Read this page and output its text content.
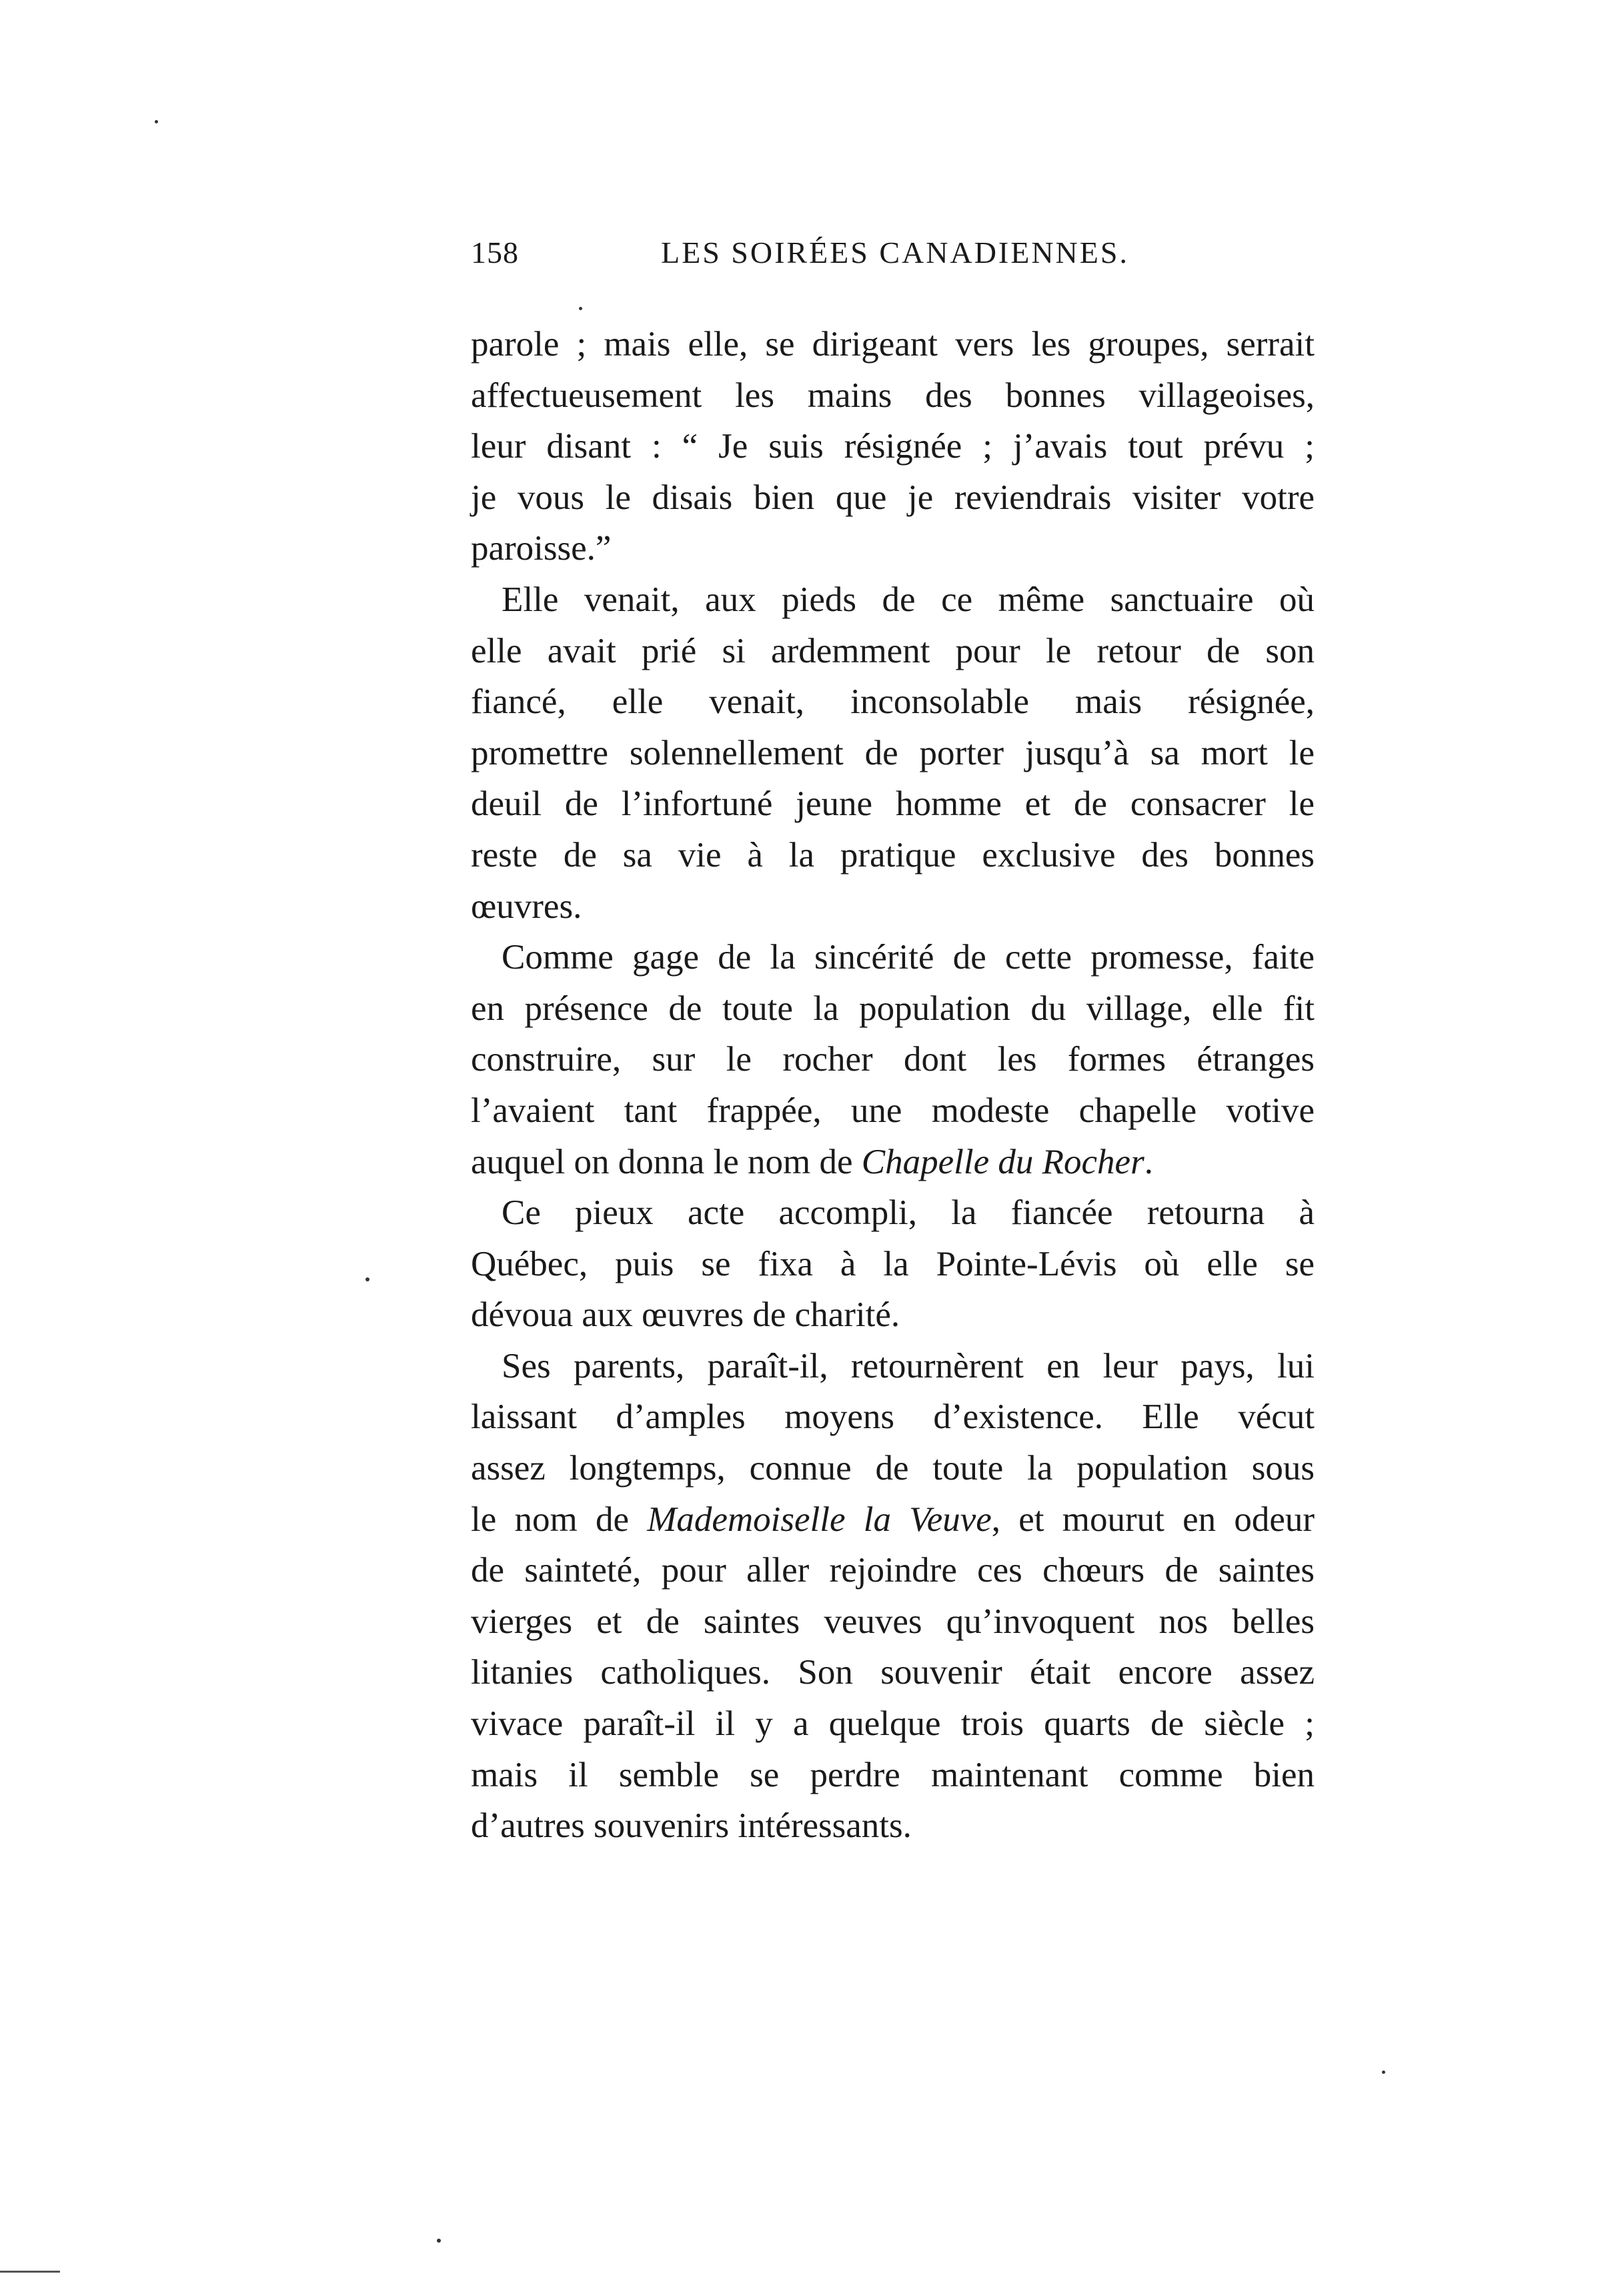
158	LES SOIRÉES CANADIENNES.
parole ; mais elle, se dirigeant vers les groupes, serrait
affectueusement les mains des bonnes villageoises,
leur disant : “ Je suis résignée ; j’avais tout prévu ;
je vous le disais bien que je reviendrais visiter votre
paroisse.”
Elle venait, aux pieds de ce même sanctuaire où
elle avait prié si ardemment pour le retour de son
fiancé, elle venait, inconsolable mais résignée,
promettre solennellement de porter jusqu’à sa mort le
deuil de l’infortuné jeune homme et de consacrer le
reste de sa vie à la pratique exclusive des bonnes
œuvres.
Comme gage de la sincérité de cette promesse, faite
en présence de toute la population du village, elle fit
construire, sur le rocher dont les formes étranges
l’avaient tant frappée, une modeste chapelle votive
auquel on donna le nom de Chapelle du Rocher.
Ce pieux acte accompli, la fiancée retourna à
Québec, puis se fixa à la Pointe-Lévis où elle se
dévoua aux œuvres de charité.
Ses parents, paraît-il, retournèrent en leur pays, lui
laissant d’amples moyens d’existence. Elle vécut
assez longtemps, connue de toute la population sous
le nom de Mademoiselle la Veuve, et mourut en odeur
de sainteté, pour aller rejoindre ces chœurs de saintes
vierges et de saintes veuves qu’invoquent nos belles
litanies catholiques. Son souvenir était encore assez
vivace paraît-il il y a quelque trois quarts de siècle ;
mais il semble se perdre maintenant comme bien
d’autres souvenirs intéressants.
